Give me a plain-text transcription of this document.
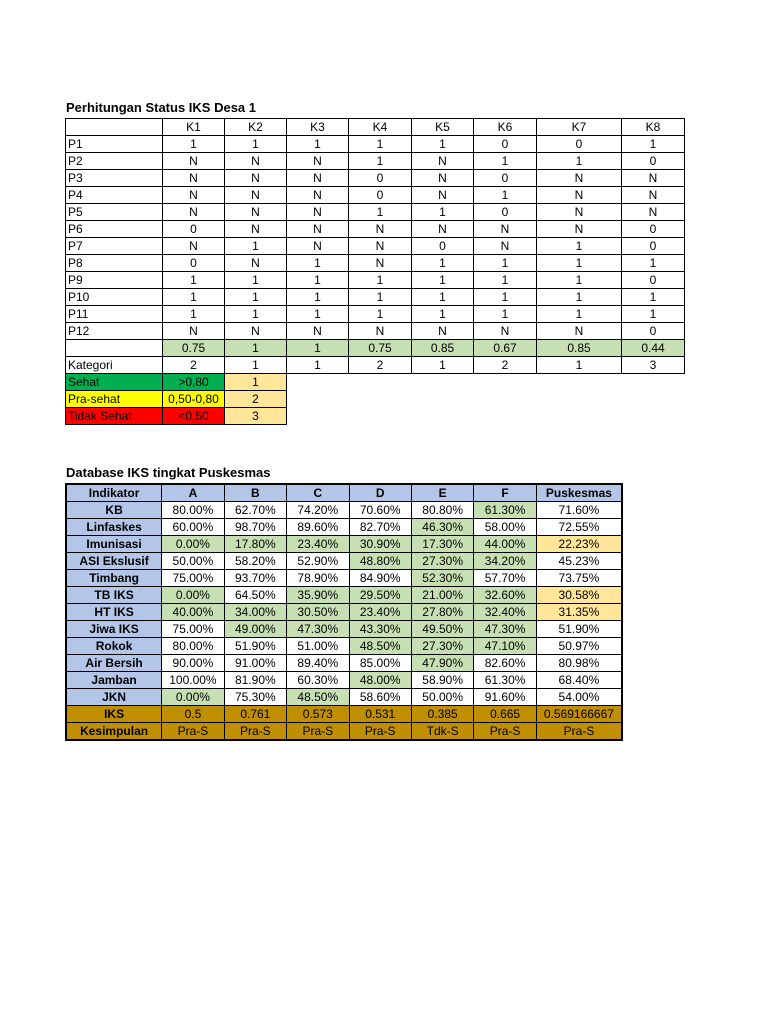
Perhitungan Status IKS Desa 1
	K1	K2	K3	K4	K5	K6	K7	K8
P1	1	1	1	1	1	0	0	1
P2	N	N	N	1	N	1	1	0
P3	N	N	N	0	N	0	N	N
P4	N	N	N	0	N	1	N	N
P5	N	N	N	1	1	0	N	N
P6	0	N	N	N	N	N	N	0
P7	N	1	N	N	0	N	1	0
P8	0	N	1	N	1	1	1	1
P9	1	1	1	1	1	1	1	0
P10	1	1	1	1	1	1	1	1
P11	1	1	1	1	1	1	1	1
P12	N	N	N	N	N	N	N	0
	0.75	1	1	0.75	0.85	0.67	0.85	0.44
Kategori	2	1	1	2	1	2	1	3
Sehat	>0,80	1						
Pra-sehat	0,50-0,80	2						
Tidak Sehat	<0,50	3						
Database IKS tingkat Puskesmas
Indikator	A	B	C	D	E	F	Puskesmas
KB	80.00%	62.70%	74.20%	70.60%	80.80%	61.30%	71.60%
Linfaskes	60.00%	98.70%	89.60%	82.70%	46.30%	58.00%	72.55%
Imunisasi	0.00%	17.80%	23.40%	30.90%	17.30%	44.00%	22.23%
ASI Ekslusif	50.00%	58.20%	52.90%	48.80%	27.30%	34.20%	45.23%
Timbang	75.00%	93.70%	78.90%	84.90%	52.30%	57.70%	73.75%
TB IKS	0.00%	64.50%	35.90%	29.50%	21.00%	32.60%	30.58%
HT IKS	40.00%	34.00%	30.50%	23.40%	27.80%	32.40%	31.35%
Jiwa IKS	75.00%	49.00%	47.30%	43.30%	49.50%	47.30%	51.90%
Rokok	80.00%	51.90%	51.00%	48.50%	27.30%	47.10%	50.97%
Air Bersih	90.00%	91.00%	89.40%	85.00%	47.90%	82.60%	80.98%
Jamban	100.00%	81.90%	60.30%	48.00%	58.90%	61.30%	68.40%
JKN	0.00%	75.30%	48.50%	58.60%	50.00%	91.60%	54.00%
IKS	0.5	0.761	0.573	0.531	0.385	0.665	0.569166667
Kesimpulan	Pra-S	Pra-S	Pra-S	Pra-S	Tdk-S	Pra-S	Pra-S
